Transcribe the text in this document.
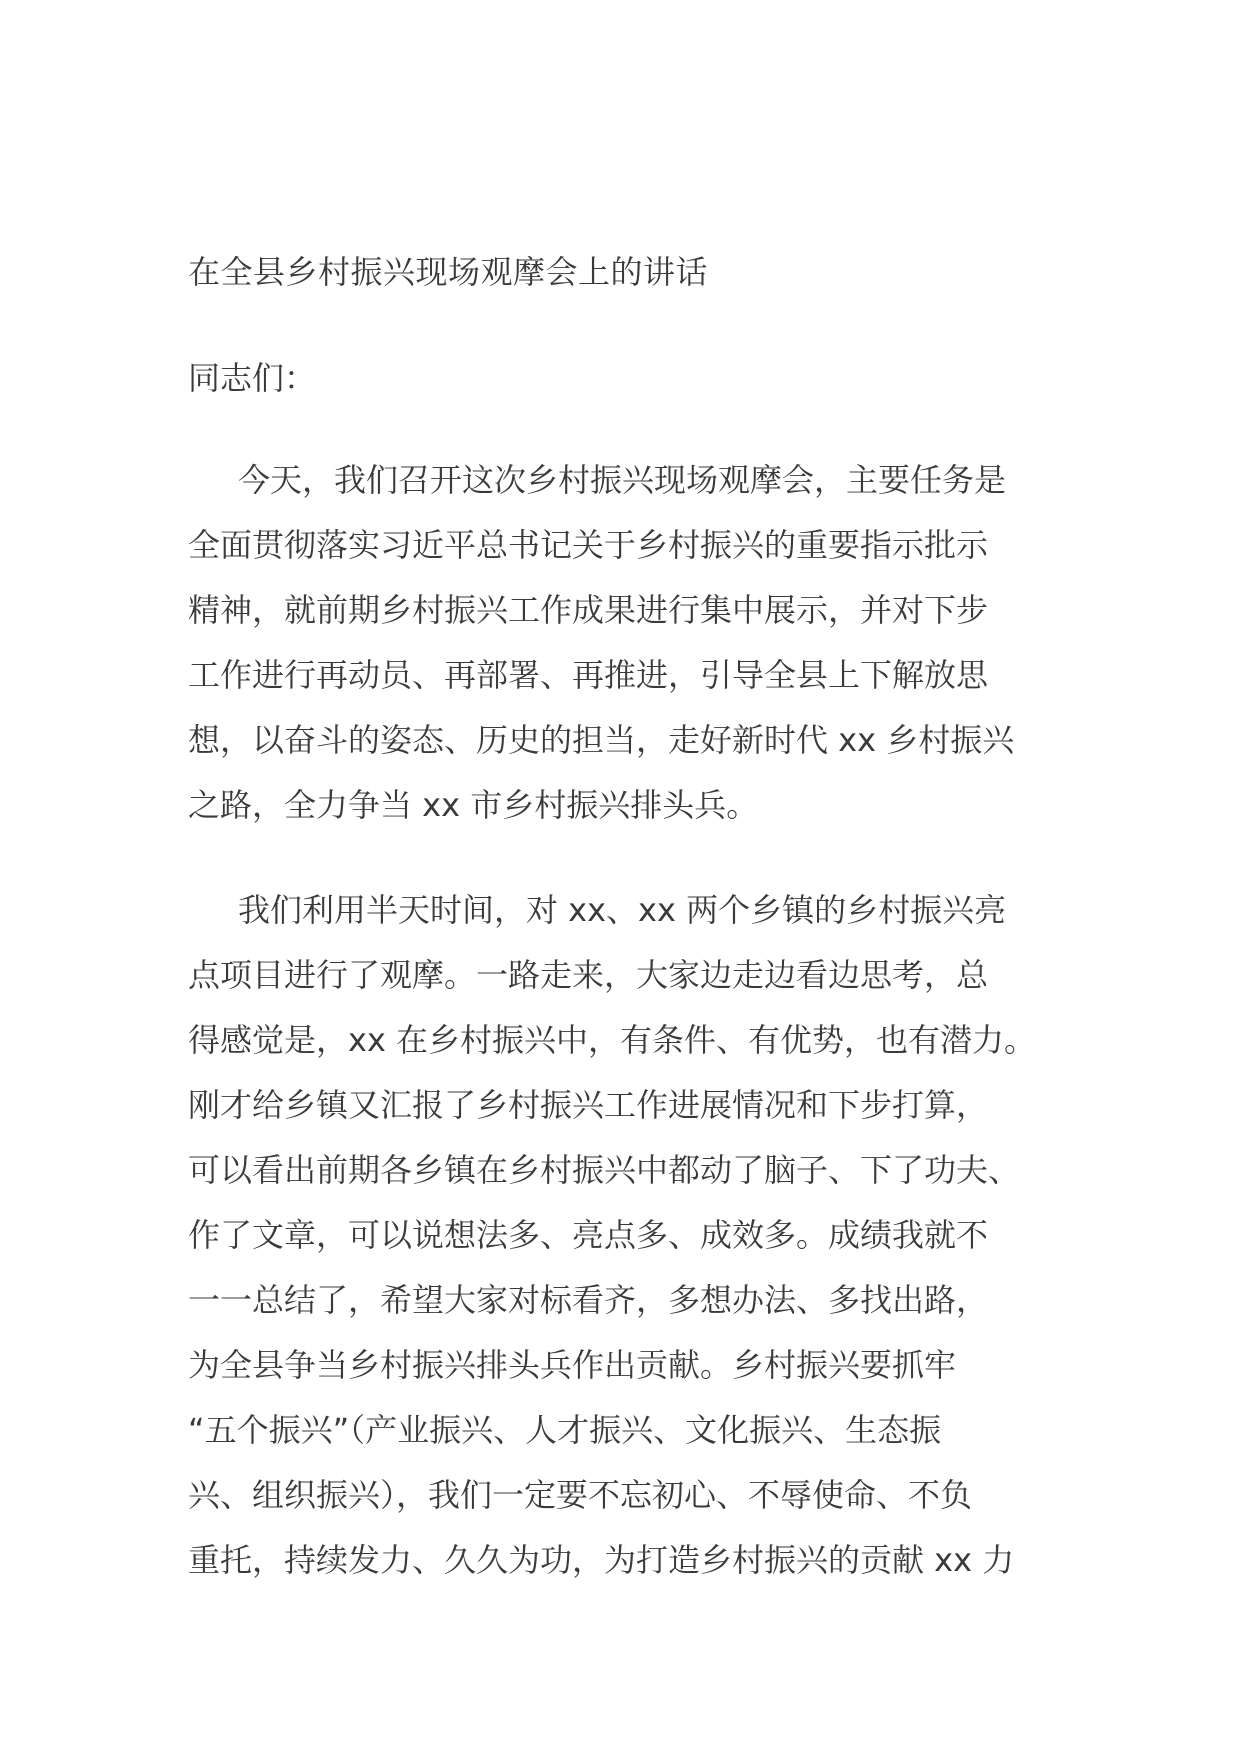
在全县乡村振兴现场观摩会上的讲话
同志们：
今天，我们召开这次乡村振兴现场观摩会，主要任务是
全面贯彻落实习近平总书记关于乡村振兴的重要指示批示
精神，就前期乡村振兴工作成果进行集中展示，并对下步
工作进行再动员、再部署、再推进，引导全县上下解放思
想，以奋斗的姿态、历史的担当，走好新时代 xx 乡村振兴
之路，全力争当 xx 市乡村振兴排头兵。
我们利用半天时间，对 xx、xx 两个乡镇的乡村振兴亮
点项目进行了观摩。一路走来，大家边走边看边思考，总
得感觉是，xx 在乡村振兴中，有条件、有优势，也有潜力。
刚才给乡镇又汇报了乡村振兴工作进展情况和下步打算，
可以看出前期各乡镇在乡村振兴中都动了脑子、下了功夫、
作了文章，可以说想法多、亮点多、成效多。成绩我就不
一一总结了，希望大家对标看齐，多想办法、多找出路，
为全县争当乡村振兴排头兵作出贡献。乡村振兴要抓牢
“五个振兴”（产业振兴、人才振兴、文化振兴、生态振
兴、组织振兴），我们一定要不忘初心、不辱使命、不负
重托，持续发力、久久为功，为打造乡村振兴的贡献 xx 力
